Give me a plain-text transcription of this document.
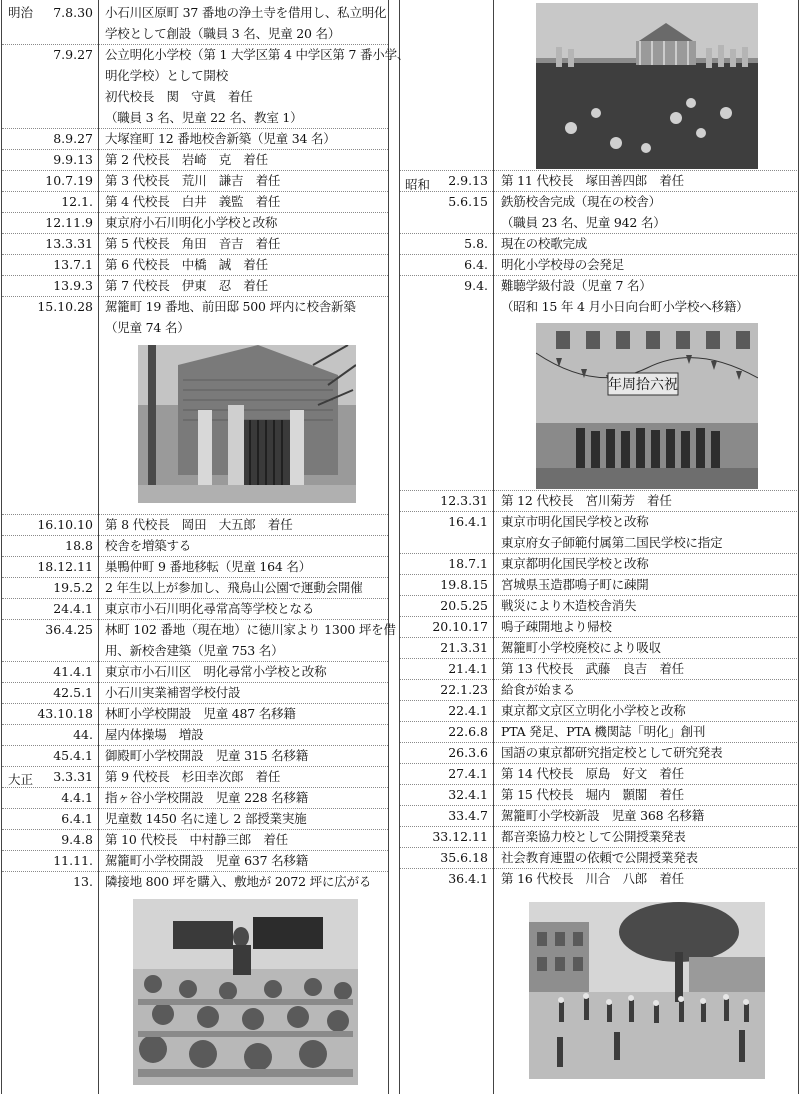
明治
大正
7.8.30 小石川区原町 37 番地の浄土寺を借用し、私立明化
学校として創設（職員 3 名、児童 20 名）
7.9.27 公立明化小学校（第 1 大学区第 4 中学区第 7 番小学、
明化学校）として開校
初代校長　関　守眞　着任
（職員 3 名、児童 22 名、教室 1）
8.9.27 大塚窪町 12 番地校舎新築（児童 34 名）
9.9.13 第 2 代校長　岩崎　克　着任
10.7.19 第 3 代校長　荒川　謙吉　着任
12.1. 第 4 代校長　白井　義監　着任
12.11.9 東京府小石川明化小学校と改称
13.3.31 第 5 代校長　角田　音吉　着任
13.7.1 第 6 代校長　中橋　誠　着任
13.9.3 第 7 代校長　伊東　忍　着任
15.10.28 駕籠町 19 番地、前田邸 500 坪内に校舎新築
（児童 74 名）
16.10.10 第 8 代校長　岡田　大五郎　着任
18.8 校舎を増築する
18.12.11 巣鴨仲町 9 番地移転（児童 164 名）
19.5.2 2 年生以上が参加し、飛鳥山公園で運動会開催
24.4.1 東京市小石川明化尋常高等学校となる
36.4.25 林町 102 番地（現在地）に徳川家より 1300 坪を借
用、新校舎建築（児童 753 名）
41.4.1 東京市小石川区　明化尋常小学校と改称
42.5.1 小石川実業補習学校付設
43.10.18 林町小学校開設　児童 487 名移籍
44. 屋内体操場　増設
45.4.1 御殿町小学校開設　児童 315 名移籍
3.3.31 第 9 代校長　杉田幸次郎　着任
4.4.1 指ヶ谷小学校開設　児童 228 名移籍
6.4.1 児童数 1450 名に達し 2 部授業実施
9.4.8 第 10 代校長　中村静三郎　着任
11.11. 駕籠町小学校開設　児童 637 名移籍
13. 隣接地 800 坪を購入、敷地が 2072 坪に広がる
昭和	2.9.13 第 11 代校長　塚田善四郎　着任
5.6.15 鉄筋校舎完成（現在の校舎）
（職員 23 名、児童 942 名）
5.8. 現在の校歌完成
6.4. 明化小学校母の会発足
9.4. 難聴学級付設（児童 7 名）
（昭和 15 年 4 月小日向台町小学校へ移籍）
12.3.31 第 12 代校長　宮川菊芳　着任
16.4.1 東京市明化国民学校と改称
東京府女子師範付属第二国民学校に指定
18.7.1 東京都明化国民学校と改称
19.8.15 宮城県玉造郡鳴子町に疎開
20.5.25 戦災により木造校舎消失
20.10.17 鳴子疎開地より帰校
21.3.31 駕籠町小学校廃校により吸収
21.4.1 第 13 代校長　武藤　良吉　着任
22.1.23 給食が始まる
22.4.1 東京都文京区立明化小学校と改称
22.6.8 PTA 発足、PTA 機関誌「明化」創刊
26.3.6 国語の東京都研究指定校として研究発表
27.4.1 第 14 代校長　原島　好文　着任
32.4.1 第 15 代校長　堀内　顥閣　着任
33.4.7 駕籠町小学校新設　児童 368 名移籍
33.12.11 都音楽協力校として公開授業発表
35.6.18 社会教育連盟の依頼で公開授業発表
36.4.1 第 16 代校長　川合　八郎　着任
年周拾六祝
